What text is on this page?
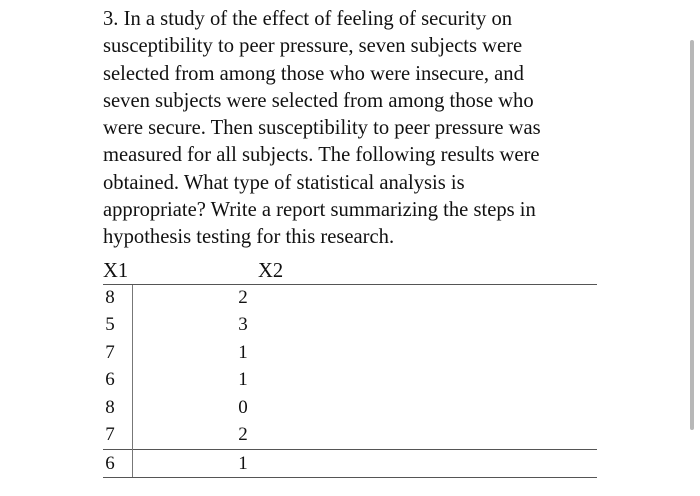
3. In a study of the effect of feeling of security on
susceptibility to peer pressure, seven subjects were
selected from among those who were insecure, and
seven subjects were selected from among those who
were secure. Then susceptibility to peer pressure was
measured for all subjects. The following results were
obtained. What type of statistical analysis is
appropriate? Write a report summarizing the steps in
hypothesis testing for this research.
X1	X2
8	2
5	3
7	1
6	1
8	0
7	2
6	1
